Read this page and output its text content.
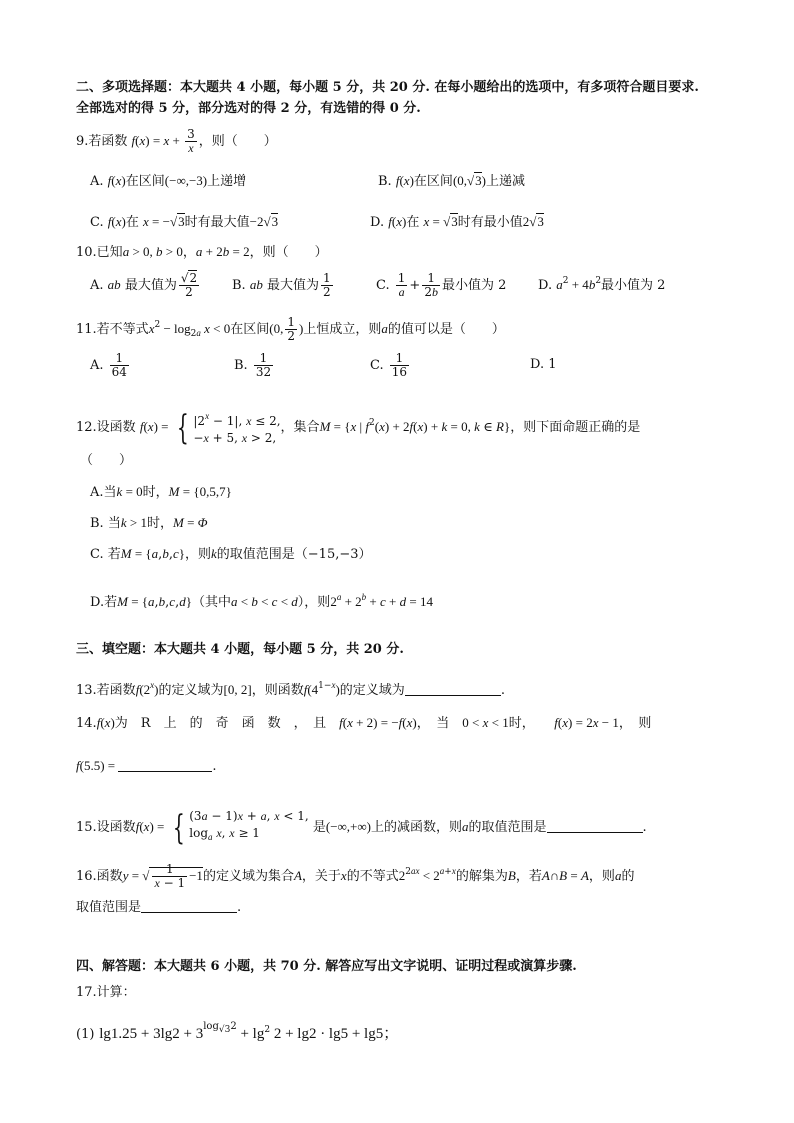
二、多项选择题：本大题共 4 小题，每小题 5 分，共 20 分. 在每小题给出的选项中，有多项符合题目要求.
全部选对的得 5 分，部分选对的得 2 分，有选错的得 0 分.
9.若函数 $f(x) = x + \frac{3}{x}$ ，则（　　）
A. f(x)在区间(−∞,−3)上递增	B. f(x)在区间(0,√3)上递减
C. f(x)在 x = −√3时有最大值−2√3	D. f(x)在 x = √3时有最小值2√3
10.已知a > 0, b > 0，a + 2b = 2，则（　　）
A. ab 最大值为 $\frac{√2}{2}$	B. ab 最大值为 $\frac{1}{2}$	C. $\frac{1}{a} + \frac{1}{2b}$ 最小值为 2 D. $a^2 + 4b^2$最小值为 2
11.若不等式$x^2 - \log_{2a} x < 0$在区间(0, $\frac{1}{2}$ )上恒成立，则a的值可以是（　　）
A. $\frac{1}{64}$	B. $\frac{1}{32}$	C. $\frac{1}{16}$	D. 1
12.设函数 f(x) = { $|2^x - 1|$, x ≤ 2,
−x + 5, x > 2,
，集合M = {x | $f^2(x) + 2f(x) + k = 0$, k ∈ R}，则下面命题正确的是
（　　）
A.当k = 0时，M = {0,5,7}
B. 当k > 1时，M = Φ
C. 若M = {a,b,c}，则k的取值范围是（−15,−3）
D.若M = {a,b,c,d}（其中a < b < c < d），则$2^a + 2^b + c + d = 14$
三、填空题：本大题共 4 小题，每小题 5 分，共 20 分.
13.若函数f(2$^x$)的定义域为[0, 2]，则函数$f(4^{1-x})$的定义域为	.
14.f(x)为　R　上　的　奇　函　数　，　且　 f(x + 2) = −f(x)，　当　 0 < x < 1时，　　 f(x) = 2x − 1，　则
f(5.5) =	.
15.设函数f(x) = { (3a − 1)x + a, x < 1,
$\log_a x$, x ≥ 1	是(−∞,+∞)上的减函数，则a的取值范围是	.
16.函数y = √ $\frac{1}{x - 1} -1$的定义域为集合A，关于x的不等式$2^{2ax} < 2^{a+x}$的解集为B，若A∩B = A，则a的
取值范围是	.
四、解答题：本大题共 6 小题，共 70 分. 解答应写出文字说明、证明过程或演算步骤.
17.计算：
(1) $\lg 1.25 + 3\lg 2 + 3^{log_{√3}2} + \lg^2 2 + \lg 2 \cdot \lg 5 + \lg 5$；
